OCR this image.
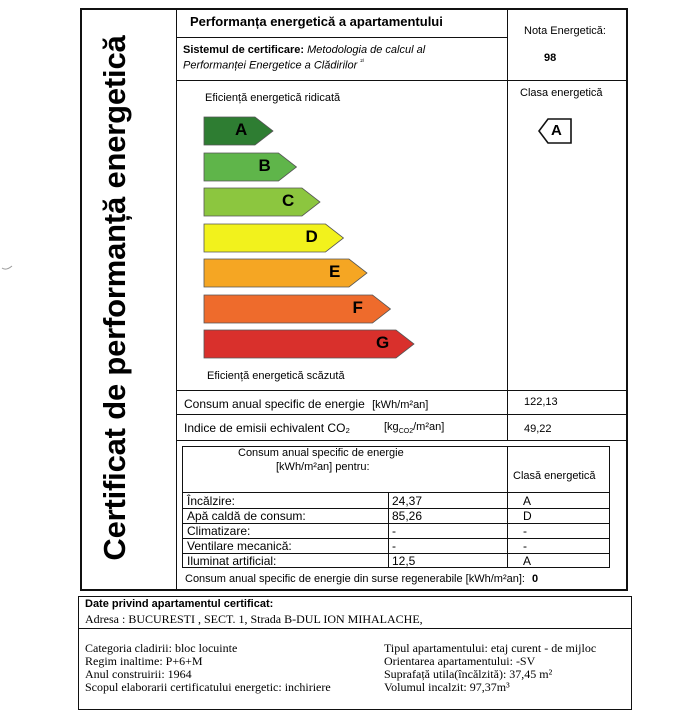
Certificat de performanță energetică
Performanța energetică a apartamentului
Sistemul de certificare: Metodologia de calcul al
Performanței Energetice a Clădirilor $^{^{2)}}$
Nota Energetică:
98
Clasa energetică
A
Eficiență energetică ridicată
Eficiență energetică scăzută
A
B
C
D
E
F
G
Consum anual specific de energie [kWh/m²an]	122,13
Indice de emisii echivalent CO₂	$[kg_{CO2}/m^2an]$	49,22
Consum anual specific de energie
[kWh/m²an] pentru:
Clasă energetică
Încălzire:	24,37	A
Apă caldă de consum:	85,26	D
Climatizare:	-	-
Ventilare mecanică:	-	-
Iluminat artificial:	12,5	A
Consum anual specific de energie din surse regenerabile [kWh/m²an]: 0
Date privind apartamentul certificat:
Adresa : BUCURESTI , SECT. 1, Strada B-DUL ION MIHALACHE,
Categoria cladirii: bloc locuinte
Regim inaltime: P+6+M
Anul construirii: 1964
Scopul elaborarii certificatului energetic: inchiriere
Tipul apartamentului: etaj curent - de mijloc
Orientarea apartamentului: -SV
Suprafață utila(încălzită): 37,45 m²
Volumul incalzit: 97,37m³
